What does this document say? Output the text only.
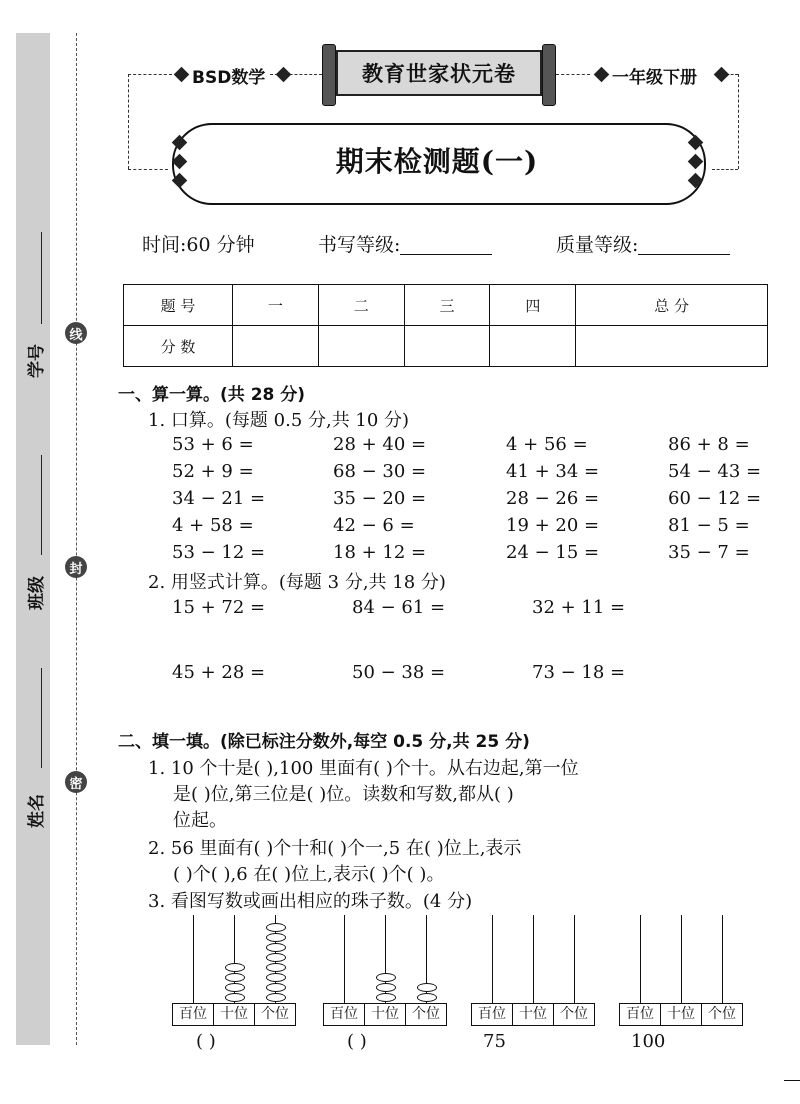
学号
班级
姓名
线
封
密
BSD数学	教育世家状元卷	一年级下册
期末检测题(一)
时间:60 分钟	书写等级:	质量等级:
题 号	一	二	三	四	总 分
分 数					
一、算一算。(共 28 分)
1. 口算。(每题 0.5 分,共 10 分)
53 + 6 =	28 + 40 =	4 + 56 =	86 + 8 =
52 + 9 =	68 − 30 =	41 + 34 =	54 − 43 =
34 − 21 =	35 − 20 =	28 − 26 =	60 − 12 =
4 + 58 =	42 − 6 =	19 + 20 =	81 − 5 =
53 − 12 =	18 + 12 =	24 − 15 =	35 − 7 =
2. 用竖式计算。(每题 3 分,共 18 分)
15 + 72 =	84 − 61 =	32 + 11 =
45 + 28 =	50 − 38 =	73 − 18 =
二、填一填。(除已标注分数外,每空 0.5 分,共 25 分)
1. 10 个十是( ),100 里面有( )个十。从右边起,第一位
是( )位,第三位是( )位。读数和写数,都从( )
位起。
2. 56 里面有( )个十和( )个一,5 在( )位上,表示
( )个( ),6 在( )位上,表示( )个( )。
3. 看图写数或画出相应的珠子数。(4 分)
百位 十位 个位
( )
百位 十位 个位
( )
百位 十位 个位
75
百位 十位 个位
100
